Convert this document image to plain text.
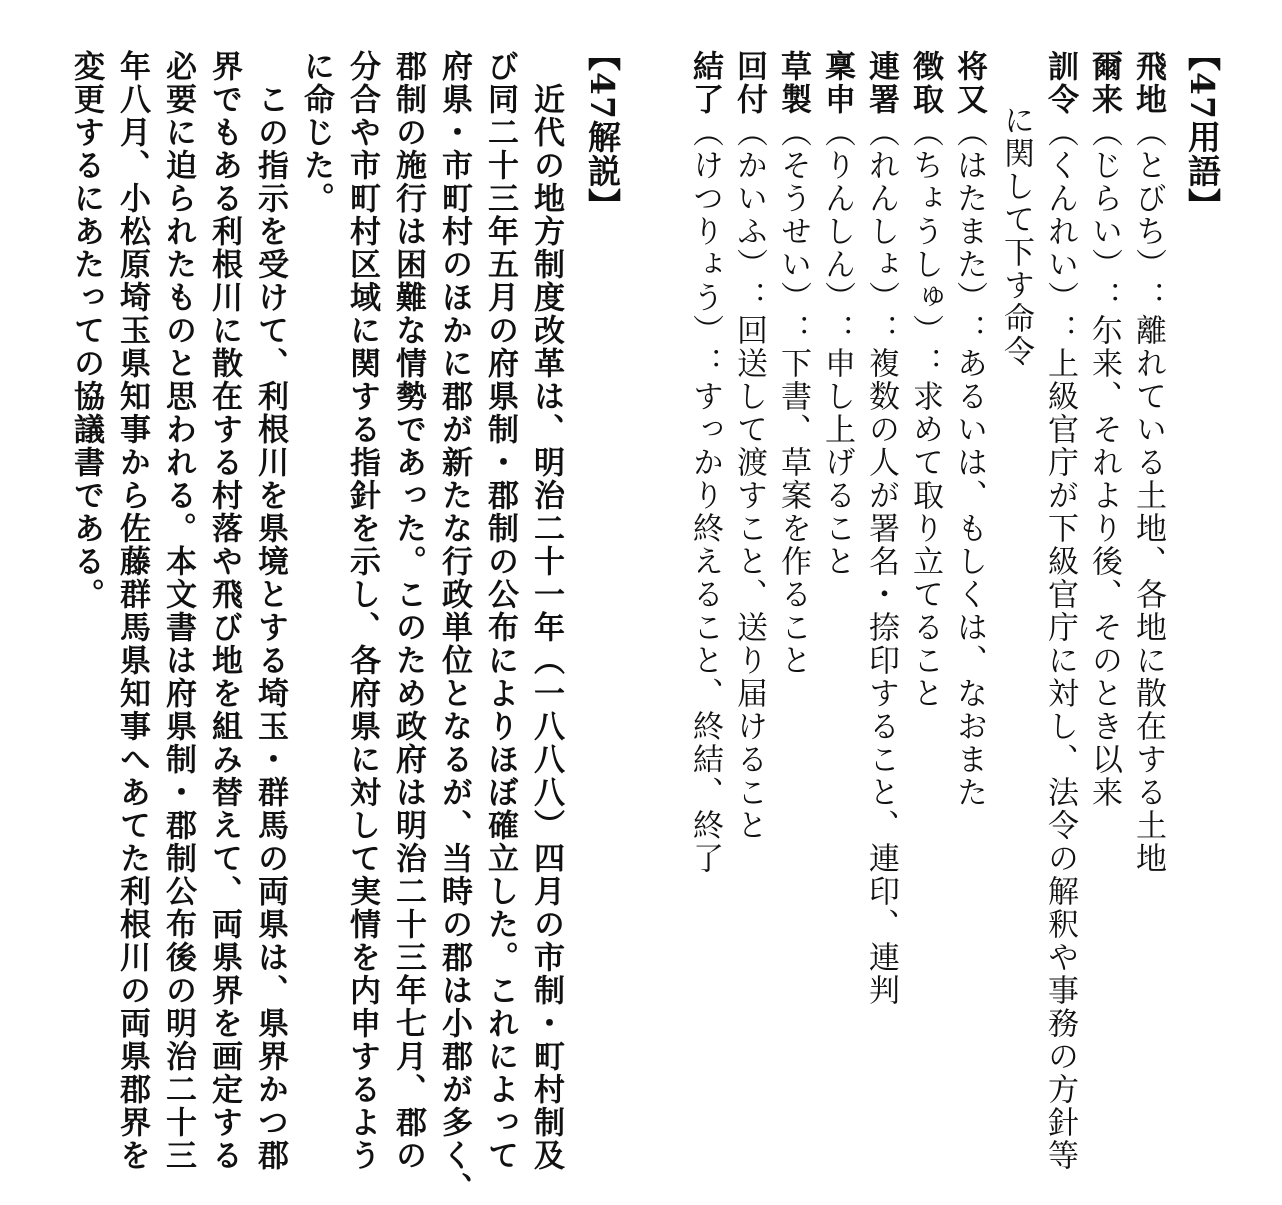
【47用語】
飛地（とびち）：離れている土地、各地に散在する土地
爾来（じらい）：尓来、それより後、そのとき以来
訓令（くんれい）：上級官庁が下級官庁に対し、法令の解釈や事務の方針等
に関して下す命令
将又（はたまた）：あるいは、もしくは、なおまた
徴取（ちょうしゅ）：求めて取り立てること
連署（れんしょ）：複数の人が署名・捺印すること、連印、連判
稟申（りんしん）：申し上げること
草製（そうせい）：下書、草案を作ること
回付（かいふ）：回送して渡すこと、送り届けること
結了（けつりょう）：すっかり終えること、終結、終了
【47解説】
　近代の地方制度改革は、明治二十一年（一八八八）四月の市制・町村制及
び同二十三年五月の府県制・郡制の公布によりほぼ確立した。これによって
府県・市町村のほかに郡が新たな行政単位となるが、当時の郡は小郡が多く、
郡制の施行は困難な情勢であった。このため政府は明治二十三年七月、郡の
分合や市町村区域に関する指針を示し、各府県に対して実情を内申するよう
に命じた。
　この指示を受けて、利根川を県境とする埼玉・群馬の両県は、県界かつ郡
界でもある利根川に散在する村落や飛び地を組み替えて、両県界を画定する
必要に迫られたものと思われる。本文書は府県制・郡制公布後の明治二十三
年八月、小松原埼玉県知事から佐藤群馬県知事へあてた利根川の両県郡界を
変更するにあたっての協議書である。
